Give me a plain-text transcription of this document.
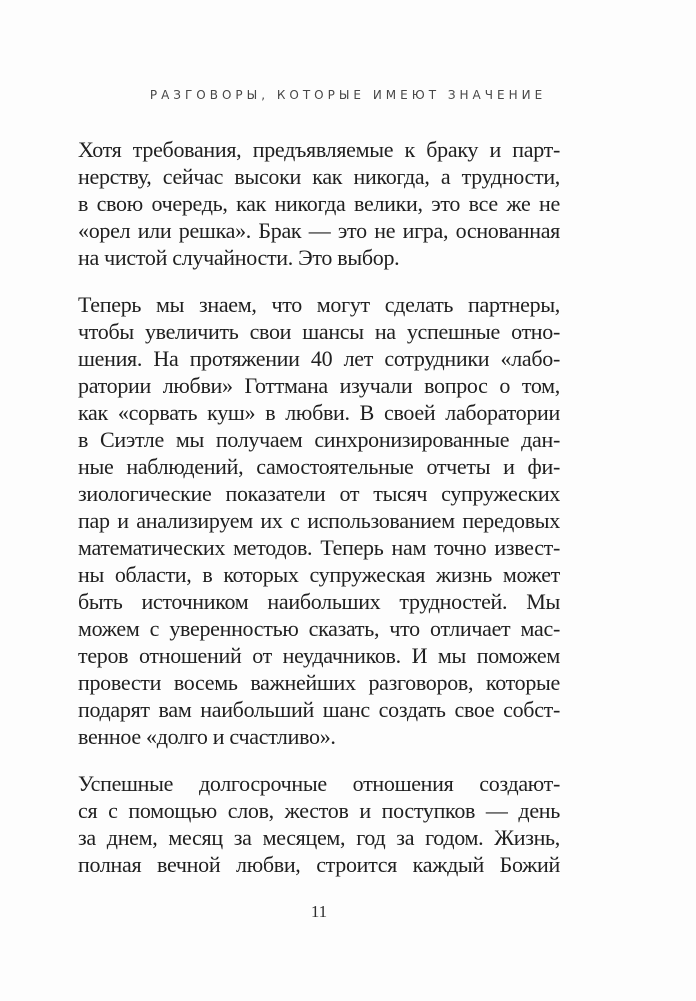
РАЗГОВОРЫ, КОТОРЫЕ ИМЕЮТ ЗНАЧЕНИЕ
Хотя требования, предъявляемые к браку и парт-
нерству, сейчас высоки как никогда, а трудности,
в свою очередь, как никогда велики, это все же не
«орел или решка». Брак — это не игра, основанная
на чистой случайности. Это выбор.
Теперь мы знаем, что могут сделать партнеры,
чтобы увеличить свои шансы на успешные отно-
шения. На протяжении 40 лет сотрудники «лабо-
ратории любви» Готтмана изучали вопрос о том,
как «сорвать куш» в любви. В своей лаборатории
в Сиэтле мы получаем синхронизированные дан-
ные наблюдений, самостоятельные отчеты и фи-
зиологические показатели от тысяч супружеских
пар и анализируем их с использованием передовых
математических методов. Теперь нам точно извест-
ны области, в которых супружеская жизнь может
быть источником наибольших трудностей. Мы
можем с уверенностью сказать, что отличает мас-
теров отношений от неудачников. И мы поможем
провести восемь важнейших разговоров, которые
подарят вам наибольший шанс создать свое собст-
венное «долго и счастливо».
Успешные долгосрочные отношения создают-
ся с помощью слов, жестов и поступков — день
за днем, месяц за месяцем, год за годом. Жизнь,
полная вечной любви, строится каждый Божий
11
